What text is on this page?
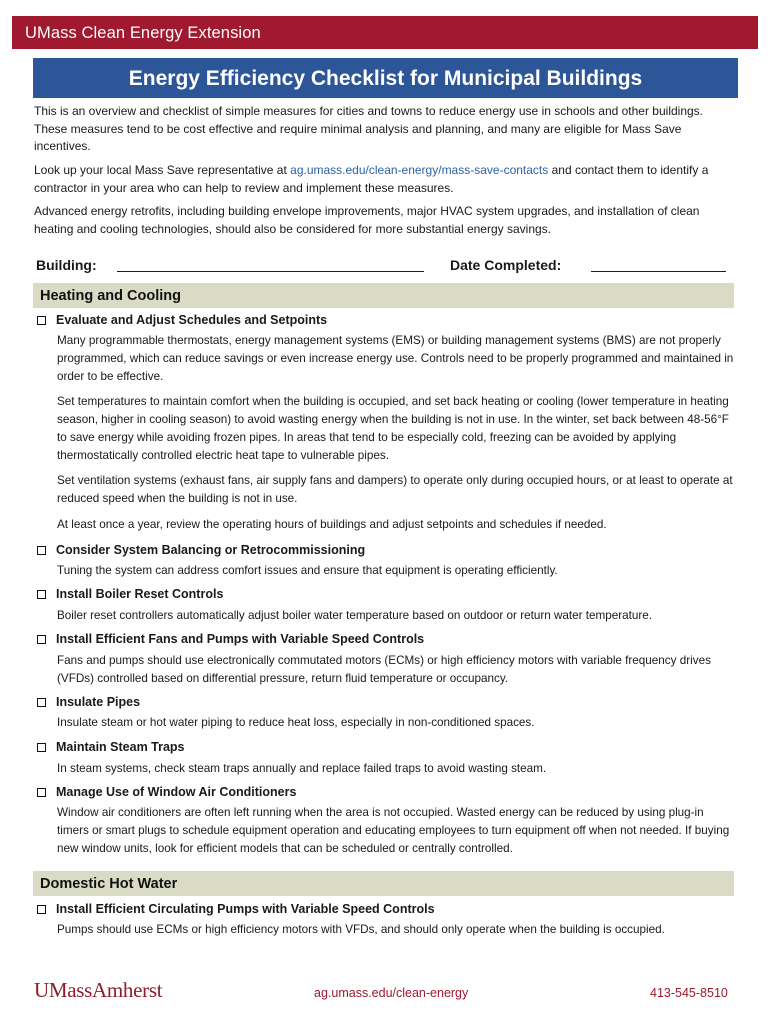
UMass Clean Energy Extension
Energy Efficiency Checklist for Municipal Buildings
This is an overview and checklist of simple measures for cities and towns to reduce energy use in schools and other buildings. These measures tend to be cost effective and require minimal analysis and planning, and many are eligible for Mass Save incentives.
Look up your local Mass Save representative at ag.umass.edu/clean-energy/mass-save-contacts and contact them to identify a contractor in your area who can help to review and implement these measures.
Advanced energy retrofits, including building envelope improvements, major HVAC system upgrades, and installation of clean heating and cooling technologies, should also be considered for more substantial energy savings.
Building:	Date Completed:
Heating and Cooling
Evaluate and Adjust Schedules and Setpoints
Many programmable thermostats, energy management systems (EMS) or building management systems (BMS) are not properly programmed, which can reduce savings or even increase energy use. Controls need to be properly programmed and maintained in order to be effective.
Set temperatures to maintain comfort when the building is occupied, and set back heating or cooling (lower temperature in heating season, higher in cooling season) to avoid wasting energy when the building is not in use. In the winter, set back between 48-56°F to save energy while avoiding frozen pipes. In areas that tend to be especially cold, freezing can be avoided by applying thermostatically controlled electric heat tape to vulnerable pipes.
Set ventilation systems (exhaust fans, air supply fans and dampers) to operate only during occupied hours, or at least to operate at reduced speed when the building is not in use.
At least once a year, review the operating hours of buildings and adjust setpoints and schedules if needed.
Consider System Balancing or Retrocommissioning
Tuning the system can address comfort issues and ensure that equipment is operating efficiently.
Install Boiler Reset Controls
Boiler reset controllers automatically adjust boiler water temperature based on outdoor or return water temperature.
Install Efficient Fans and Pumps with Variable Speed Controls
Fans and pumps should use electronically commutated motors (ECMs) or high efficiency motors with variable frequency drives (VFDs) controlled based on differential pressure, return fluid temperature or occupancy.
Insulate Pipes
Insulate steam or hot water piping to reduce heat loss, especially in non-conditioned spaces.
Maintain Steam Traps
In steam systems, check steam traps annually and replace failed traps to avoid wasting steam.
Manage Use of Window Air Conditioners
Window air conditioners are often left running when the area is not occupied. Wasted energy can be reduced by using plug-in timers or smart plugs to schedule equipment operation and educating employees to turn equipment off when not needed. If buying new window units, look for efficient models that can be scheduled or centrally controlled.
Domestic Hot Water
Install Efficient Circulating Pumps with Variable Speed Controls
Pumps should use ECMs or high efficiency motors with VFDs, and should only operate when the building is occupied.
UMassAmherst	ag.umass.edu/clean-energy	413-545-8510
